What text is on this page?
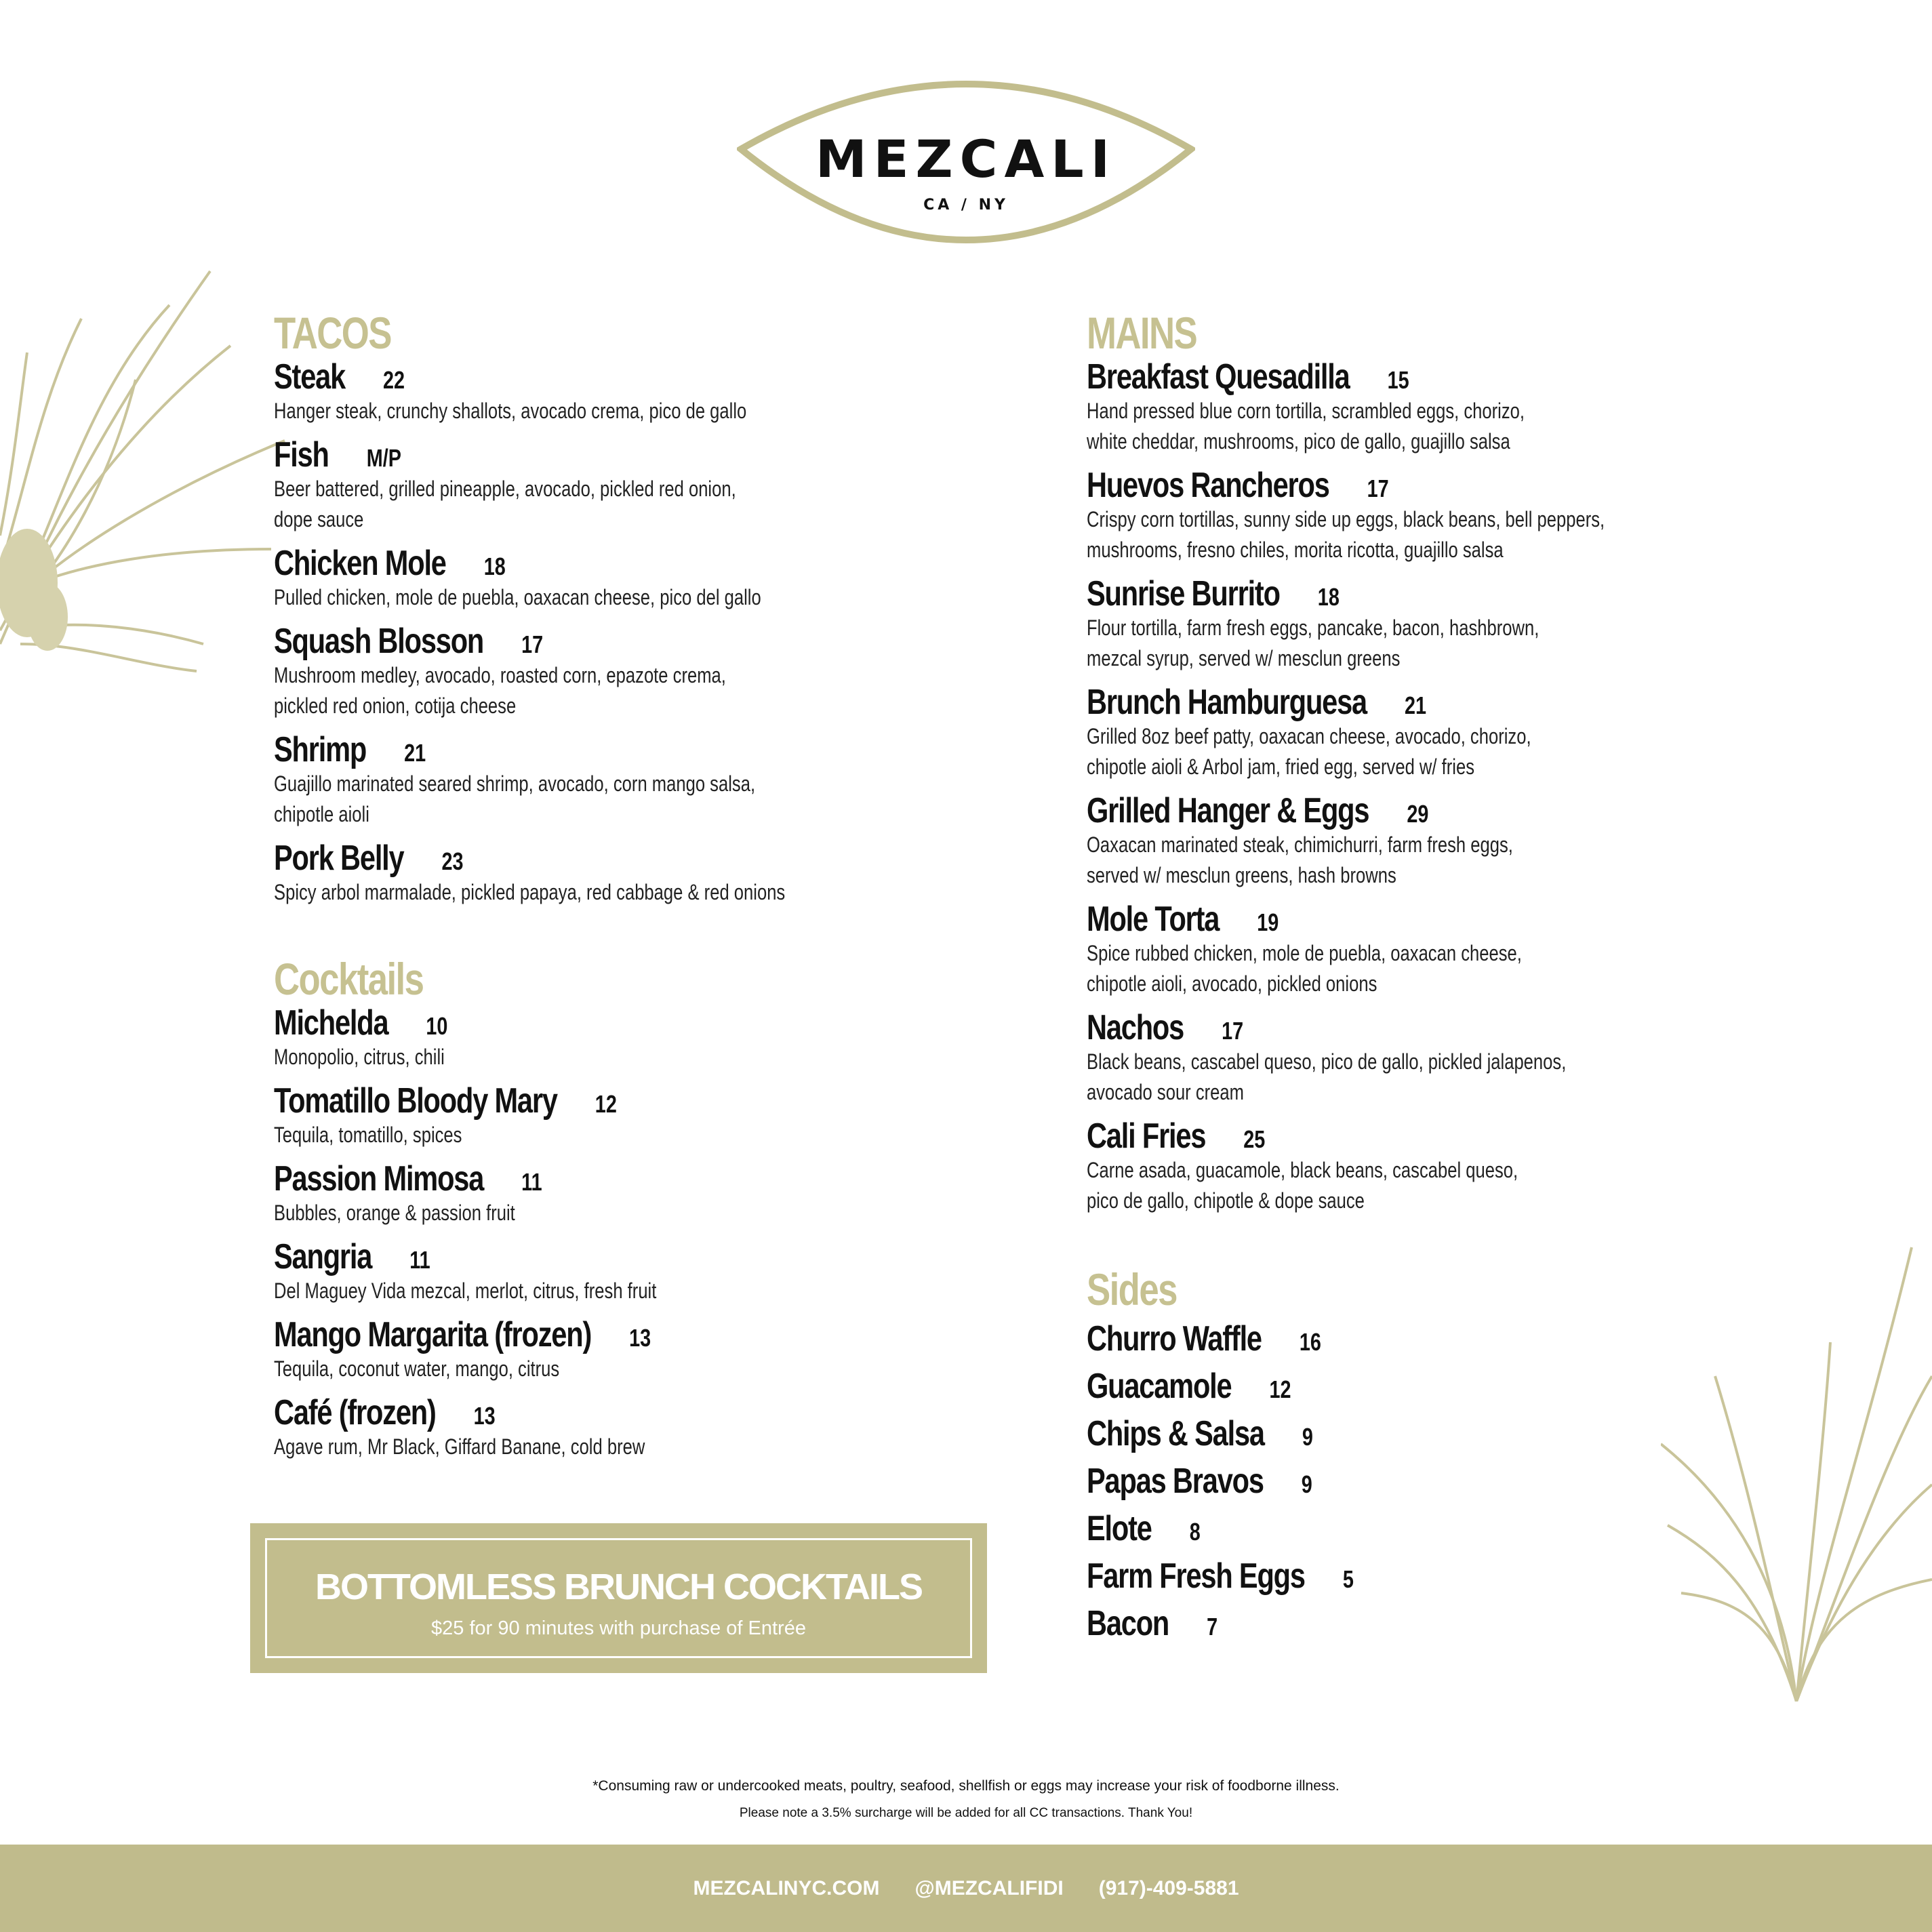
MEZCALI
CA / NY
TACOS
Steak 22
Hanger steak, crunchy shallots, avocado crema, pico de gallo
Fish M/P
Beer battered, grilled pineapple, avocado, pickled red onion,
dope sauce
Chicken Mole 18
Pulled chicken, mole de puebla, oaxacan cheese, pico del gallo
Squash Blosson 17
Mushroom medley, avocado, roasted corn, epazote crema,
pickled red onion, cotija cheese
Shrimp 21
Guajillo marinated seared shrimp, avocado, corn mango salsa,
chipotle aioli
Pork Belly 23
Spicy arbol marmalade, pickled papaya, red cabbage & red onions
Cocktails
Michelda 10
Monopolio, citrus, chili
Tomatillo Bloody Mary 12
Tequila, tomatillo, spices
Passion Mimosa 11
Bubbles, orange & passion fruit
Sangria 11
Del Maguey Vida mezcal, merlot, citrus, fresh fruit
Mango Margarita (frozen) 13
Tequila, coconut water, mango, citrus
Café (frozen) 13
Agave rum, Mr Black, Giffard Banane, cold brew
MAINS
Breakfast Quesadilla 15
Hand pressed blue corn tortilla, scrambled eggs, chorizo,
white cheddar, mushrooms, pico de gallo, guajillo salsa
Huevos Rancheros 17
Crispy corn tortillas, sunny side up eggs, black beans, bell peppers,
mushrooms, fresno chiles, morita ricotta, guajillo salsa
Sunrise Burrito 18
Flour tortilla, farm fresh eggs, pancake, bacon, hashbrown,
mezcal syrup, served w/ mesclun greens
Brunch Hamburguesa 21
Grilled 8oz beef patty, oaxacan cheese, avocado, chorizo,
chipotle aioli & Arbol jam, fried egg, served w/ fries
Grilled Hanger & Eggs 29
Oaxacan marinated steak, chimichurri, farm fresh eggs,
served w/ mesclun greens, hash browns
Mole Torta 19
Spice rubbed chicken, mole de puebla, oaxacan cheese,
chipotle aioli, avocado, pickled onions
Nachos 17
Black beans, cascabel queso, pico de gallo, pickled jalapenos,
avocado sour cream
Cali Fries 25
Carne asada, guacamole, black beans, cascabel queso,
pico de gallo, chipotle & dope sauce
Sides
Churro Waffle 16
Guacamole 12
Chips & Salsa 9
Papas Bravos 9
Elote 8
Farm Fresh Eggs 5
Bacon 7
BOTTOMLESS BRUNCH COCKTAILS
$25 for 90 minutes with purchase of Entrée
*Consuming raw or undercooked meats, poultry, seafood, shellfish or eggs may increase your risk of foodborne illness.
Please note a 3.5% surcharge will be added for all CC transactions. Thank You!
MEZCALINYC.COM @MEZCALIFIDI (917)-409-5881
